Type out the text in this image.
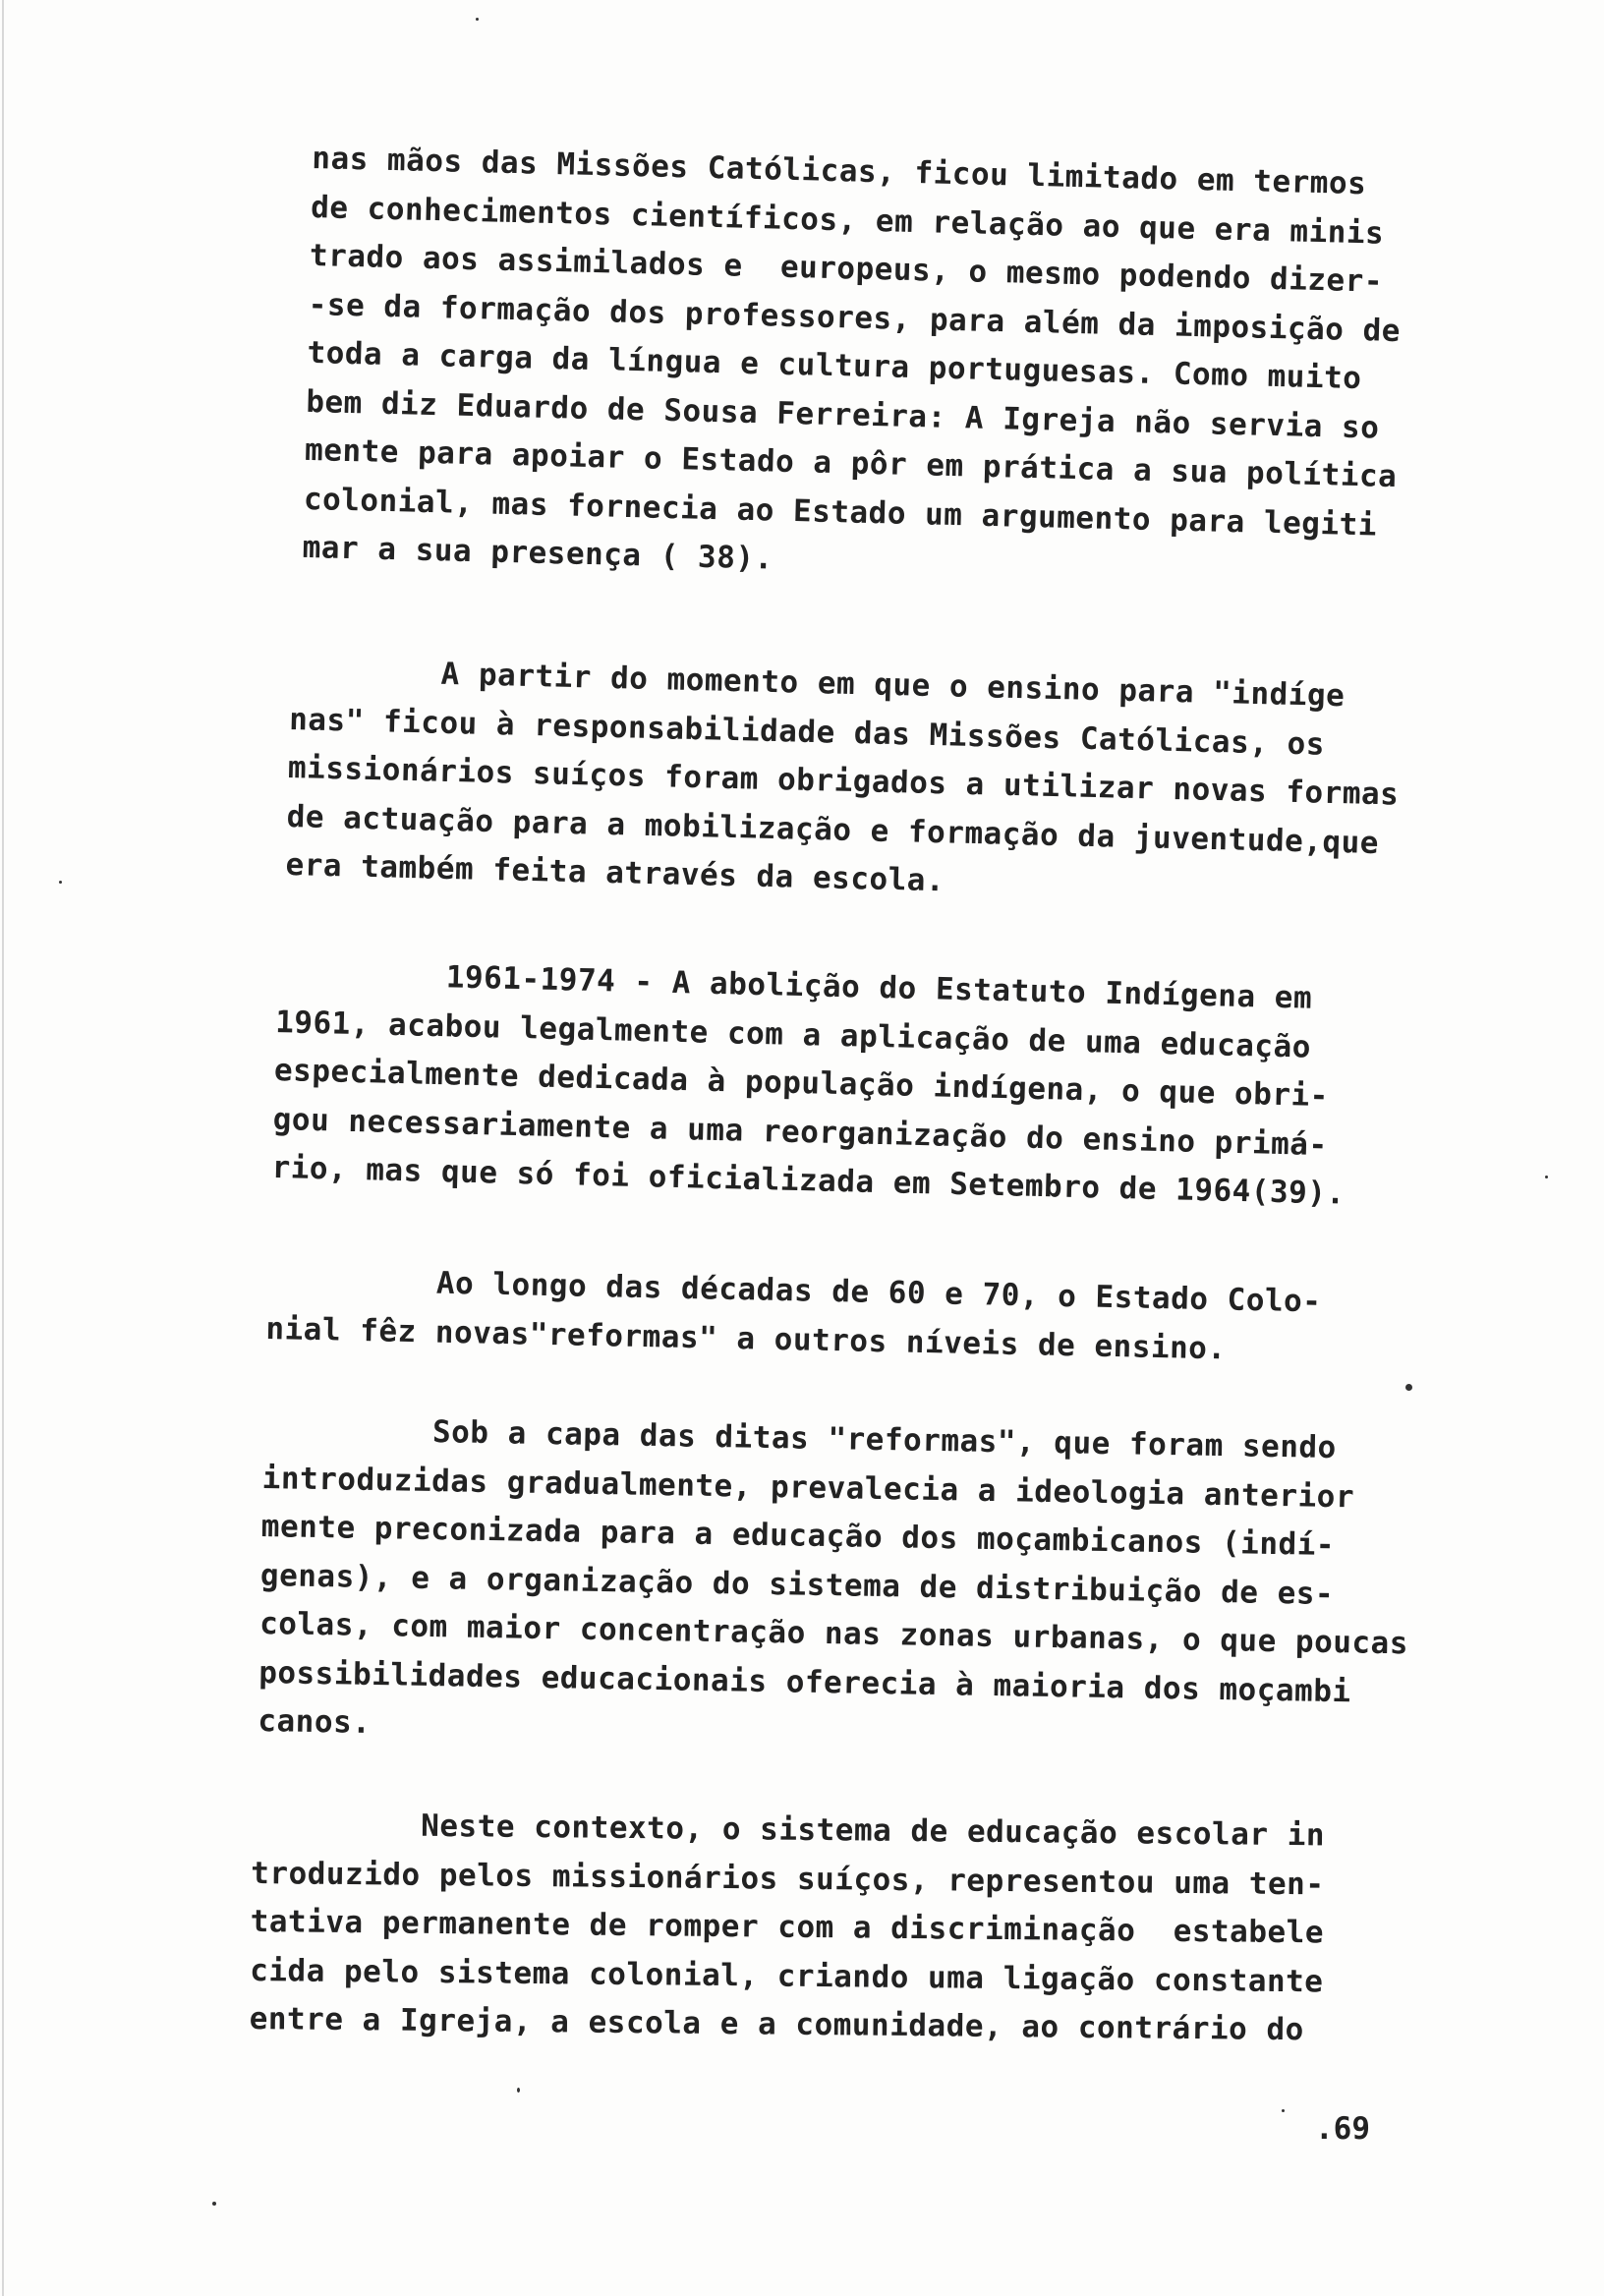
nas mãos das Missões Católicas, ficou limitado em termos
de conhecimentos científicos, em relação ao que era minis
trado aos assimilados e  europeus, o mesmo podendo dizer-
-se da formação dos professores, para além da imposição de
toda a carga da língua e cultura portuguesas. Como muito
bem diz Eduardo de Sousa Ferreira: A Igreja não servia so
mente para apoiar o Estado a pôr em prática a sua política
colonial, mas fornecia ao Estado um argumento para legiti
mar a sua presença ( 38).
A partir do momento em que o ensino para "indíge
nas" ficou à responsabilidade das Missões Católicas, os
missionários suíços foram obrigados a utilizar novas formas
de actuação para a mobilização e formação da juventude,que
era também feita através da escola.
1961-1974 - A abolição do Estatuto Indígena em
1961, acabou legalmente com a aplicação de uma educação
especialmente dedicada à população indígena, o que obri-
gou necessariamente a uma reorganização do ensino primá-
rio, mas que só foi oficializada em Setembro de 1964(39).
Ao longo das décadas de 60 e 70, o Estado Colo-
nial fêz novas"reformas" a outros níveis de ensino.
Sob a capa das ditas "reformas", que foram sendo
introduzidas gradualmente, prevalecia a ideologia anterior
mente preconizada para a educação dos moçambicanos (indí-
genas), e a organização do sistema de distribuição de es-
colas, com maior concentração nas zonas urbanas, o que poucas
possibilidades educacionais oferecia à maioria dos moçambi
canos.
Neste contexto, o sistema de educação escolar in
troduzido pelos missionários suíços, representou uma ten-
tativa permanente de romper com a discriminação  estabele
cida pelo sistema colonial, criando uma ligação constante
entre a Igreja, a escola e a comunidade, ao contrário do
.69
